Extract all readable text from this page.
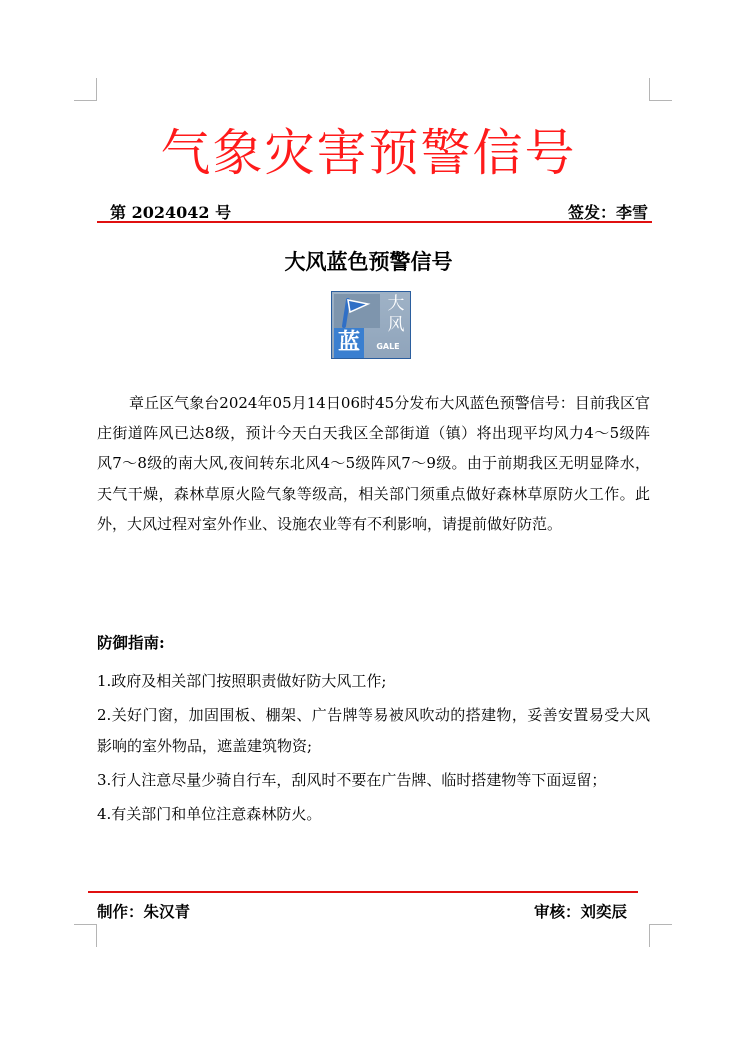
气象灾害预警信号
第 2024042 号	签发：李雪
大风蓝色预警信号
蓝
大
风
GALE
章丘区气象台2024年05月14日06时45分发布大风蓝色预警信号：目前我区官庄街道阵风已达8级，预计今天白天我区全部街道（镇）将出现平均风力4～5级阵风7～8级的南大风,夜间转东北风4～5级阵风7～9级。由于前期我区无明显降水，天气干燥，森林草原火险气象等级高，相关部门须重点做好森林草原防火工作。此外，大风过程对室外作业、设施农业等有不利影响，请提前做好防范。
防御指南:
1.政府及相关部门按照职责做好防大风工作;
2.关好门窗，加固围板、棚架、广告牌等易被风吹动的搭建物，妥善安置易受大风影响的室外物品，遮盖建筑物资;
3.行人注意尽量少骑自行车，刮风时不要在广告牌、临时搭建物等下面逗留；
4.有关部门和单位注意森林防火。
制作：朱汉青	审核：刘奕辰
